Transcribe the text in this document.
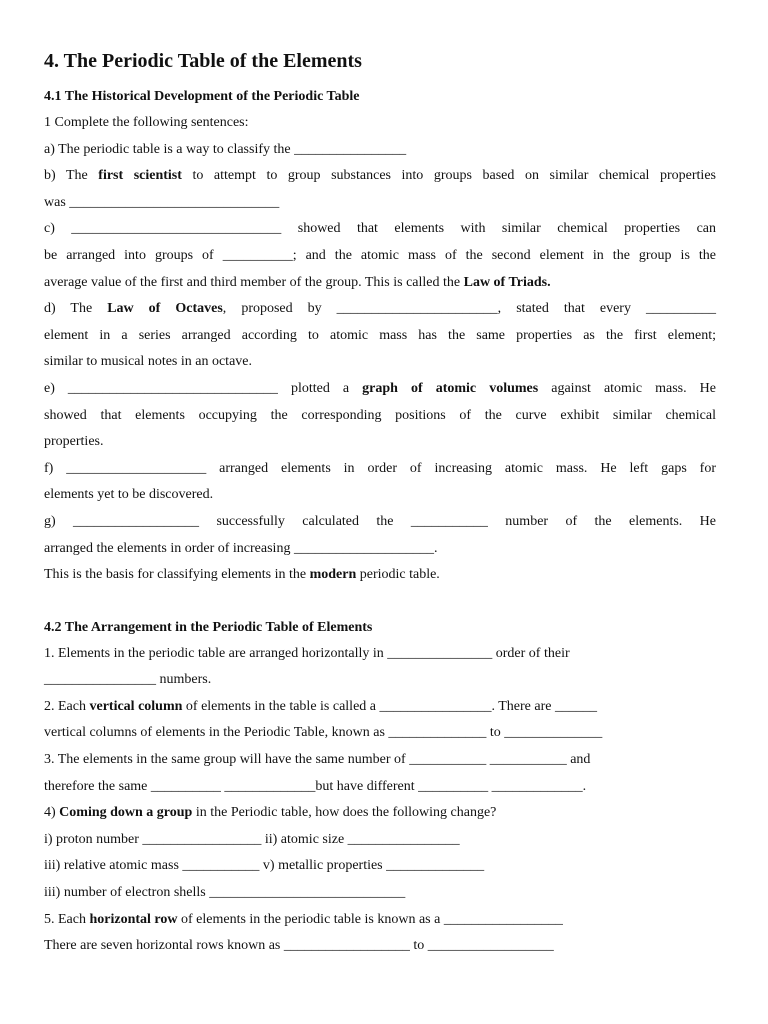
4. The Periodic Table of the Elements
4.1 The Historical Development of the Periodic Table

1 Complete the following sentences:

a) The periodic table is a way to classify the ________________

b) The first scientist to attempt to group substances into groups based on similar chemical properties

was ______________________________

c) ______________________________ showed that elements with similar chemical properties can

be arranged into groups of __________; and the atomic mass of the second element in the group is the

average value of the first and third member of the group. This is called the Law of Triads.

d) The Law of Octaves, proposed by _______________________, stated that every __________

element in a series arranged according to atomic mass has the same properties as the first element;

similar to musical notes in an octave.

e) ______________________________ plotted a graph of atomic volumes against atomic mass. He

showed that elements occupying the corresponding positions of the curve exhibit similar chemical

properties.

f) ____________________ arranged elements in order of increasing atomic mass. He left gaps for

elements yet to be discovered.

g) __________________ successfully calculated the ___________ number of the elements. He

arranged the elements in order of increasing ____________________.

This is the basis for classifying elements in the modern periodic table.

4.2 The Arrangement in the Periodic Table of Elements

1. Elements in the periodic table are arranged horizontally in _______________ order of their

________________ numbers.

2. Each vertical column of elements in the table is called a ________________. There are ______

vertical columns of elements in the Periodic Table, known as ______________ to ______________

3. The elements in the same group will have the same number of ___________ ___________ and

therefore the same __________ _____________but have different __________ _____________.

4) Coming down a group in the Periodic table, how does the following change?

i) proton number _________________ ii) atomic size ________________

iii) relative atomic mass ___________ v) metallic properties ______________

iii) number of electron shells ____________________________

5. Each horizontal row of elements in the periodic table is known as a _________________

There are seven horizontal rows known as __________________ to __________________
